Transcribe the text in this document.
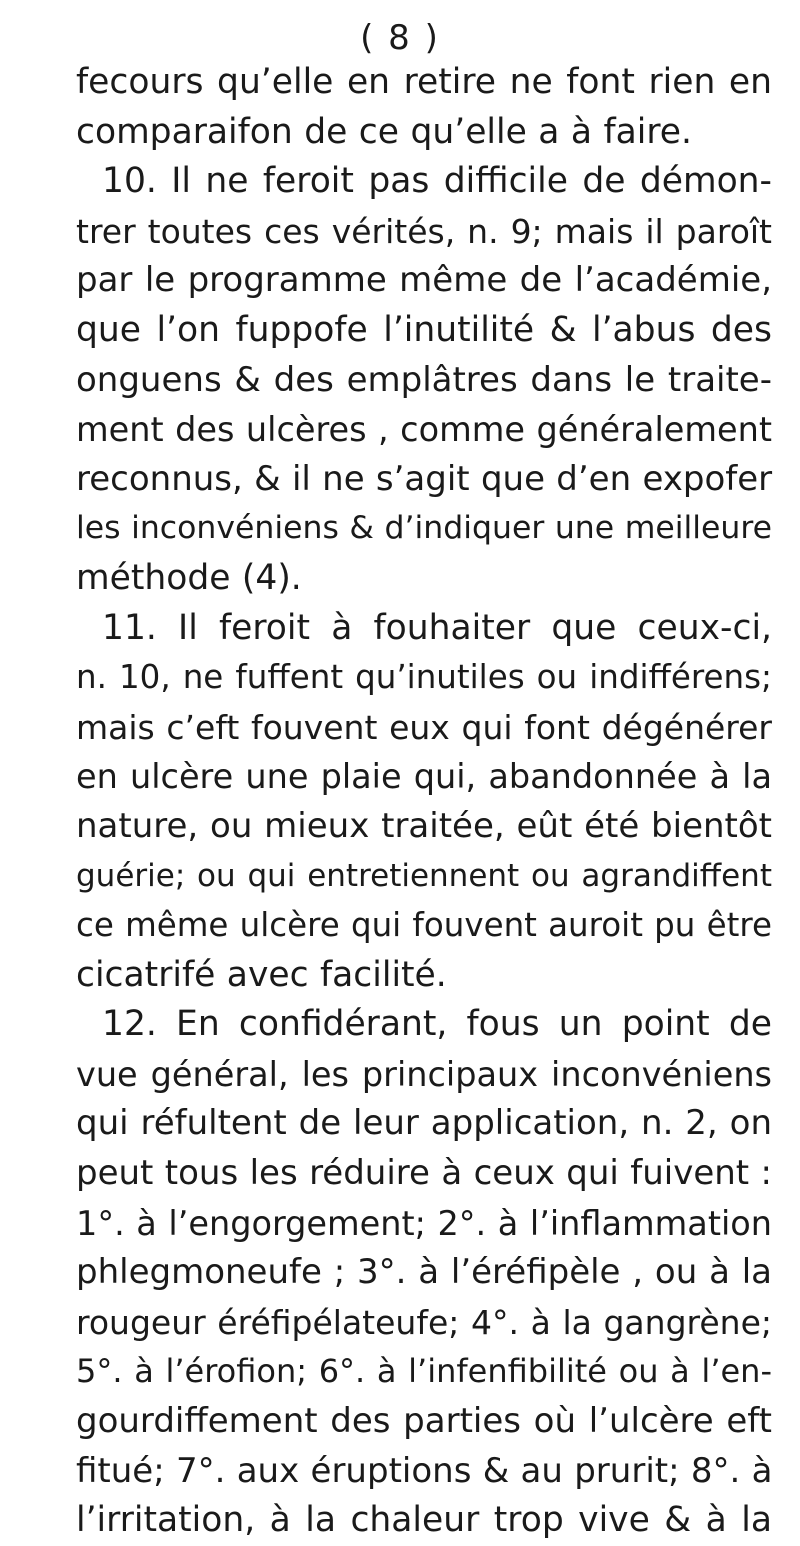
( 8 )
fecours qu’elle en retire ne font rien en
comparaifon de ce qu’elle a à faire.
10. Il ne feroit pas difficile de démon-
trer toutes ces vérités, n. 9; mais il paroît
par le programme même de l’académie,
que l’on fuppofe l’inutilité & l’abus des
onguens & des emplâtres dans le traite-
ment des ulcères , comme généralement
reconnus, & il ne s’agit que d’en expofer
les inconvéniens & d’indiquer une meilleure
méthode (4).
11. Il feroit à fouhaiter que ceux-ci,
n. 10, ne fuffent qu’inutiles ou indifférens;
mais c’eft fouvent eux qui font dégénérer
en ulcère une plaie qui, abandonnée à la
nature, ou mieux traitée, eût été bientôt
guérie; ou qui entretiennent ou agrandiffent
ce même ulcère qui fouvent auroit pu être
cicatrifé avec facilité.
12. En confidérant, fous un point de
vue général, les principaux inconvéniens
qui réfultent de leur application, n. 2, on
peut tous les réduire à ceux qui fuivent :
1°. à l’engorgement; 2°. à l’inflammation
phlegmoneufe ; 3°. à l’éréfipèle , ou à la
rougeur éréfipélateufe; 4°. à la gangrène;
5°. à l’érofion; 6°. à l’infenfibilité ou à l’en-
gourdiffement des parties où l’ulcère eft
fitué; 7°. aux éruptions & au prurit; 8°. à
l’irritation, à la chaleur trop vive & à la
